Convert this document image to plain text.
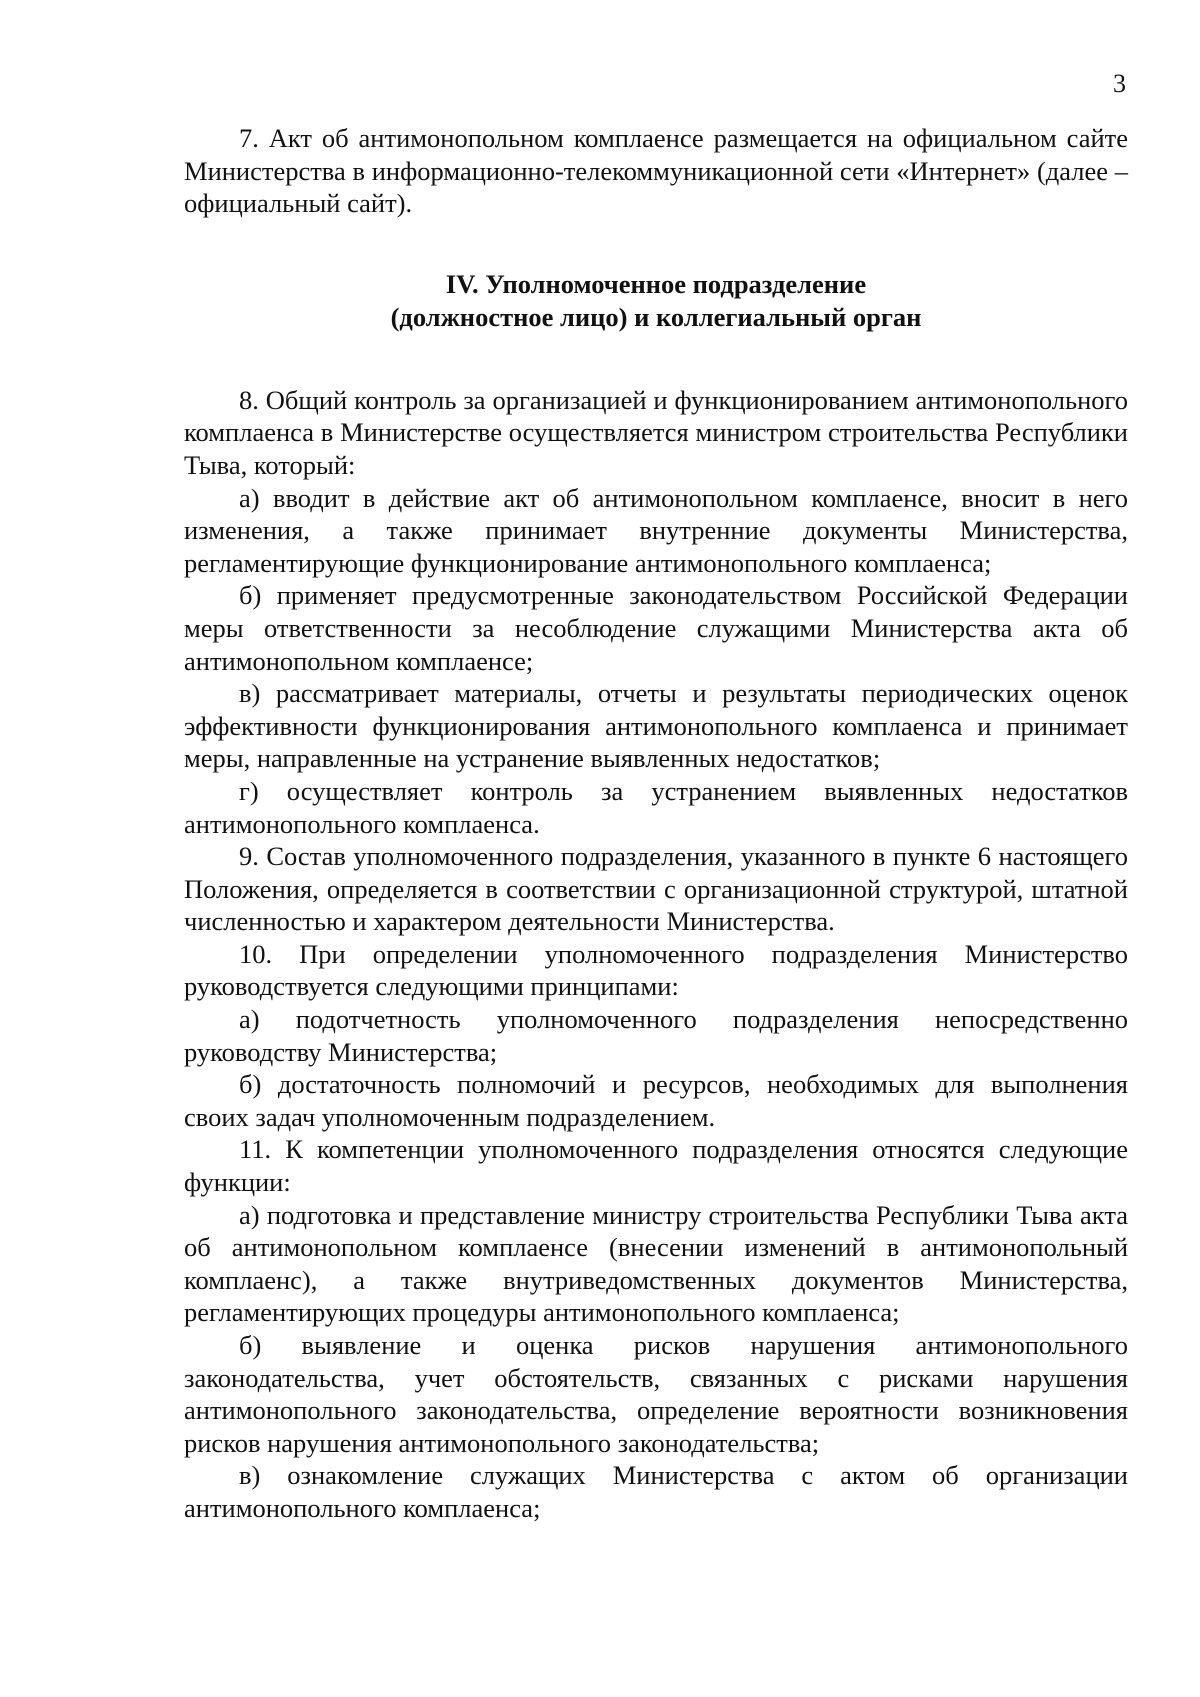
3

7. Акт об антимонопольном комплаенсе размещается на официальном сайте Министерства в информационно-телекоммуникационной сети «Интернет» (далее – официальный сайт).

IV. Уполномоченное подразделение
(должностное лицо) и коллегиальный орган

8. Общий контроль за организацией и функционированием антимонопольного комплаенса в Министерстве осуществляется министром строительства Республики Тыва, который:

а) вводит в действие акт об антимонопольном комплаенсе, вносит в него изменения, а также принимает внутренние документы Министерства, регламентирующие функционирование антимонопольного комплаенса;

б) применяет предусмотренные законодательством Российской Федерации меры ответственности за несоблюдение служащими Министерства акта об антимонопольном комплаенсе;

в) рассматривает материалы, отчеты и результаты периодических оценок эффективности функционирования антимонопольного комплаенса и принимает меры, направленные на устранение выявленных недостатков;

г) осуществляет контроль за устранением выявленных недостатков антимонопольного комплаенса.

9. Состав уполномоченного подразделения, указанного в пункте 6 настоящего Положения, определяется в соответствии с организационной структурой, штатной численностью и характером деятельности Министерства.

10. При определении уполномоченного подразделения Министерство руководствуется следующими принципами:

а) подотчетность уполномоченного подразделения непосредственно руководству Министерства;

б) достаточность полномочий и ресурсов, необходимых для выполнения своих задач уполномоченным подразделением.

11. К компетенции уполномоченного подразделения относятся следующие функции:

а) подготовка и представление министру строительства Республики Тыва акта об антимонопольном комплаенсе (внесении изменений в антимонопольный комплаенс), а также внутриведомственных документов Министерства, регламентирующих процедуры антимонопольного комплаенса;

б) выявление и оценка рисков нарушения антимонопольного законодательства, учет обстоятельств, связанных с рисками нарушения антимонопольного законодательства, определение вероятности возникновения рисков нарушения антимонопольного законодательства;

в) ознакомление служащих Министерства с актом об организации антимонопольного комплаенса;
